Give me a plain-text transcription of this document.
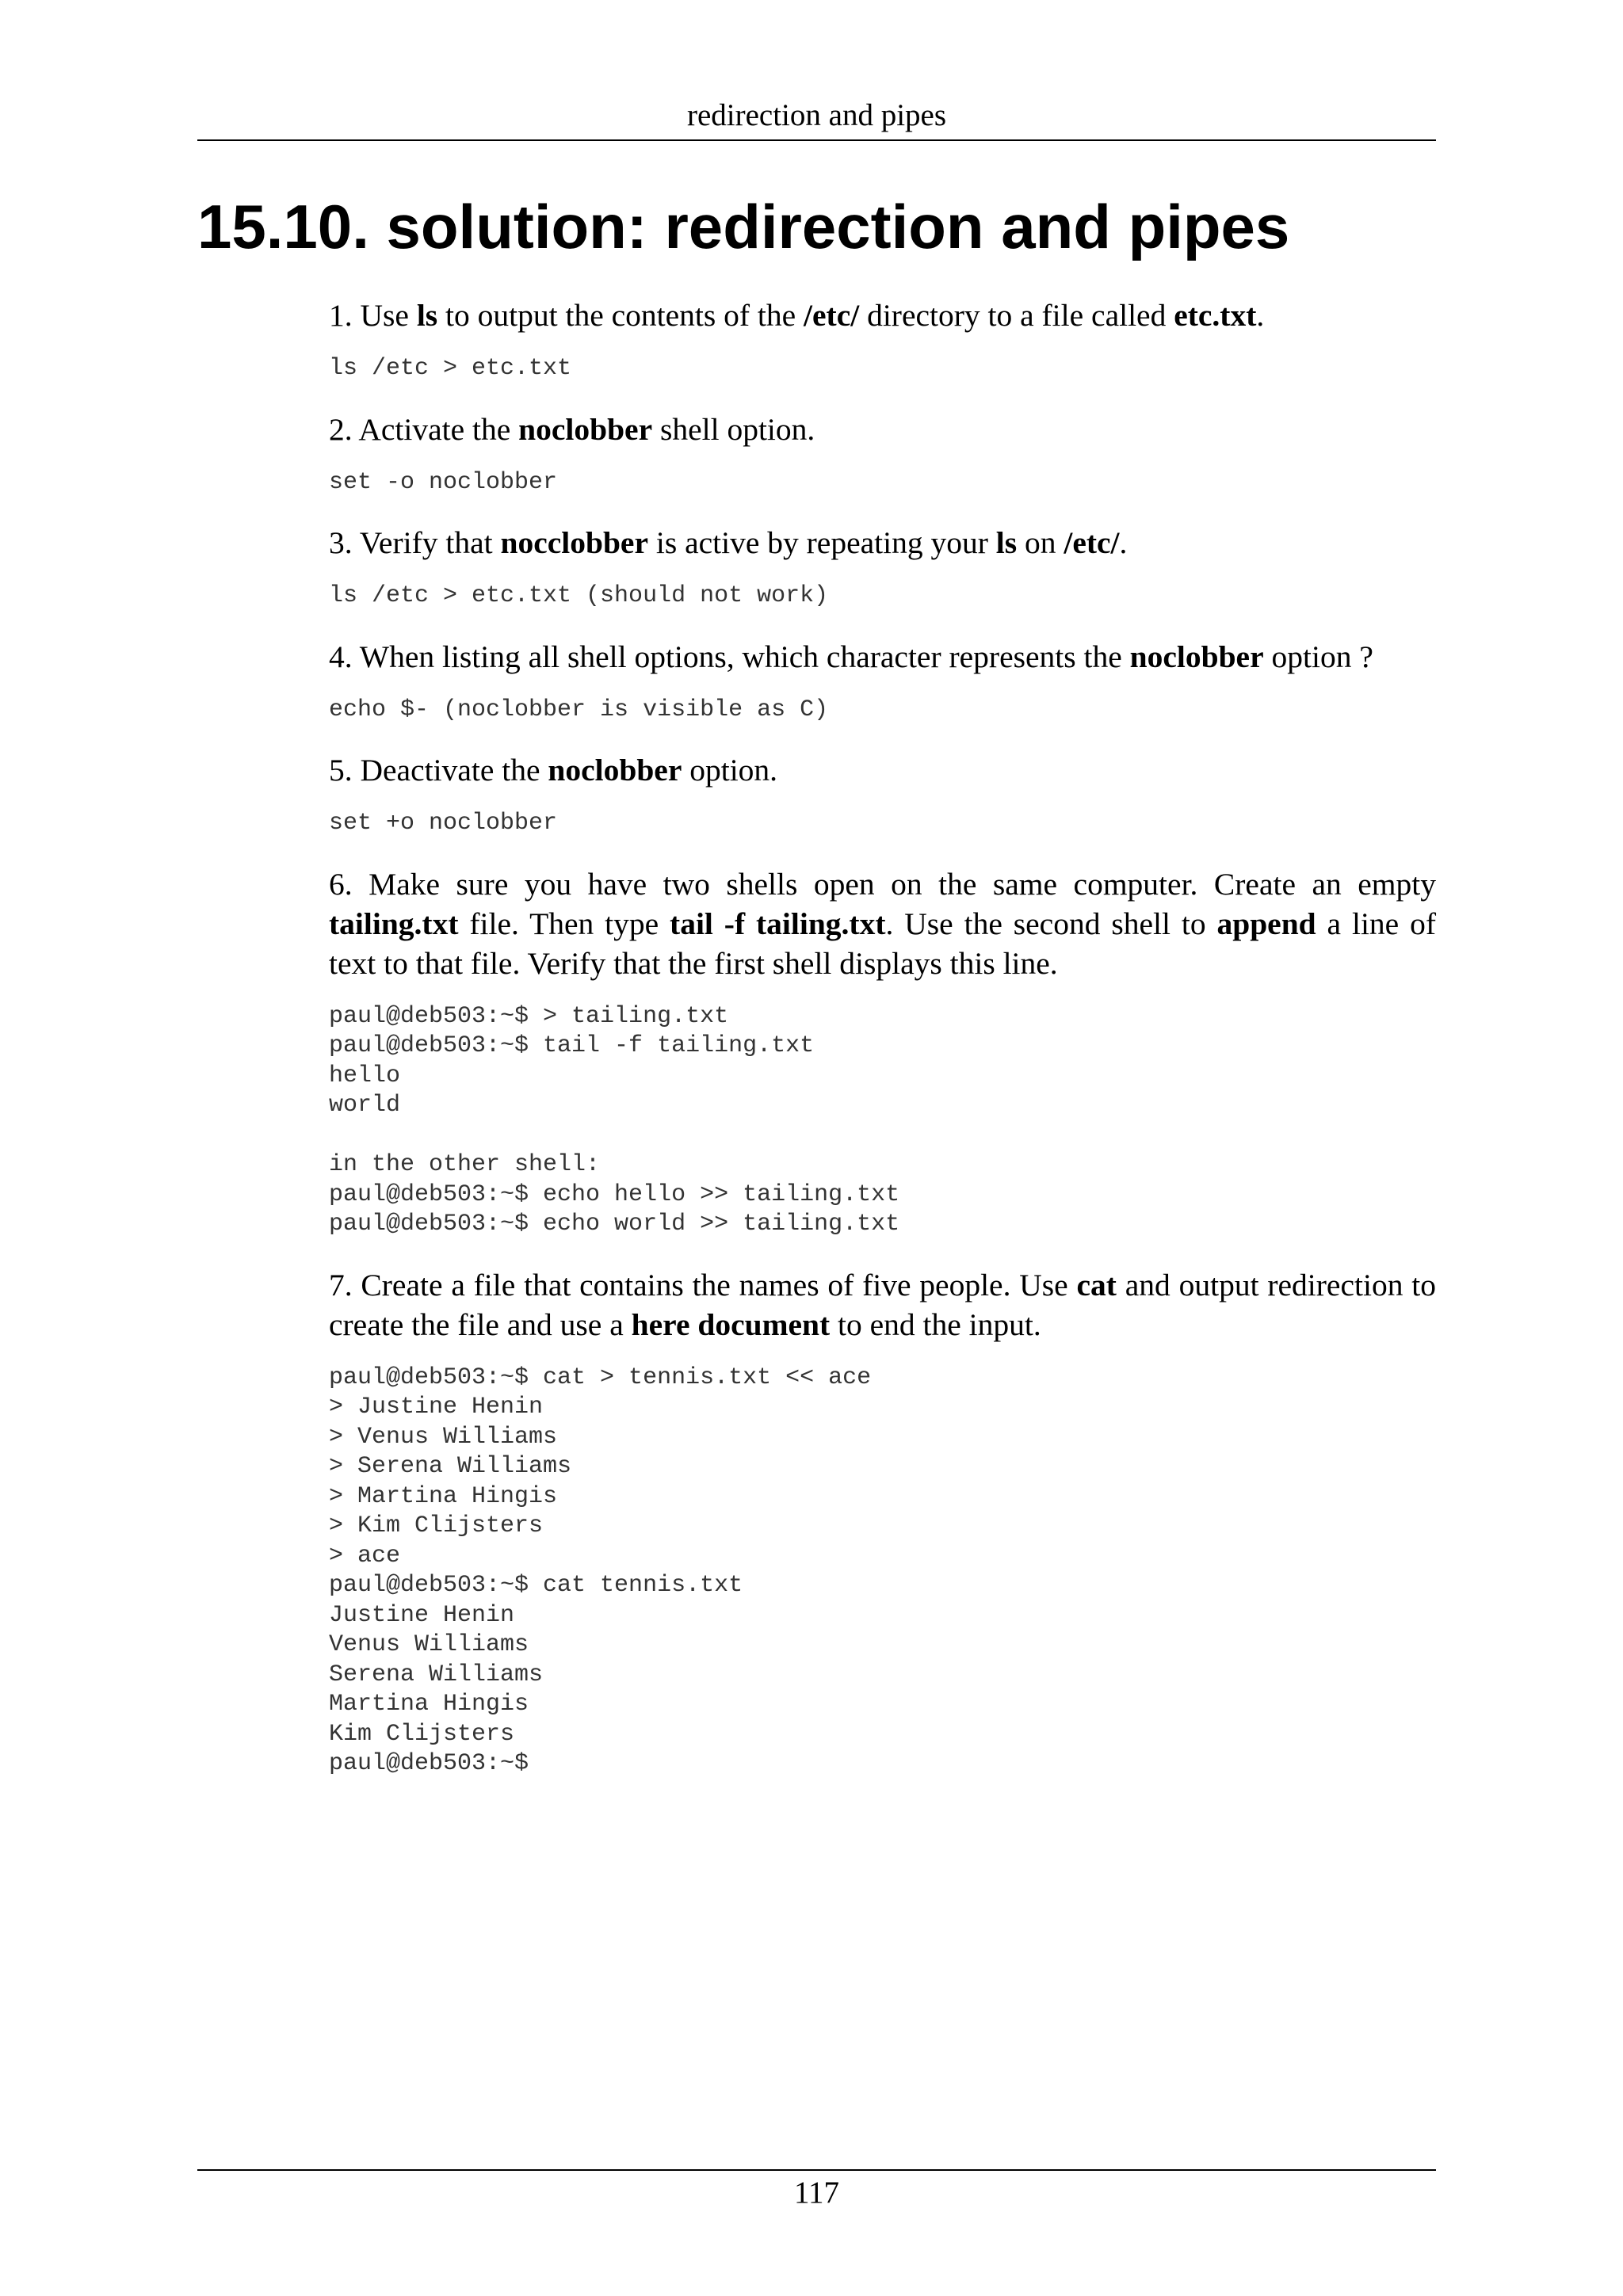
redirection and pipes
15.10. solution: redirection and pipes

1. Use ls to output the contents of the /etc/ directory to a file called etc.txt.

ls /etc > etc.txt

2. Activate the noclobber shell option.

set -o noclobber

3. Verify that nocclobber is active by repeating your ls on /etc/.

ls /etc > etc.txt (should not work)

4. When listing all shell options, which character represents the noclobber option ?

echo $- (noclobber is visible as C)

5. Deactivate the noclobber option.

set +o noclobber

6. Make sure you have two shells open on the same computer. Create an empty tailing.txt file. Then type tail -f tailing.txt. Use the second shell to append a line of text to that file. Verify that the first shell displays this line.

paul@deb503:~$ > tailing.txt
paul@deb503:~$ tail -f tailing.txt
hello
world

in the other shell:
paul@deb503:~$ echo hello >> tailing.txt
paul@deb503:~$ echo world >> tailing.txt

7. Create a file that contains the names of five people. Use cat and output redirection to create the file and use a here document to end the input.

paul@deb503:~$ cat > tennis.txt << ace
> Justine Henin
> Venus Williams
> Serena Williams
> Martina Hingis
> Kim Clijsters
> ace
paul@deb503:~$ cat tennis.txt
Justine Henin
Venus Williams
Serena Williams
Martina Hingis
Kim Clijsters
paul@deb503:~$
117
